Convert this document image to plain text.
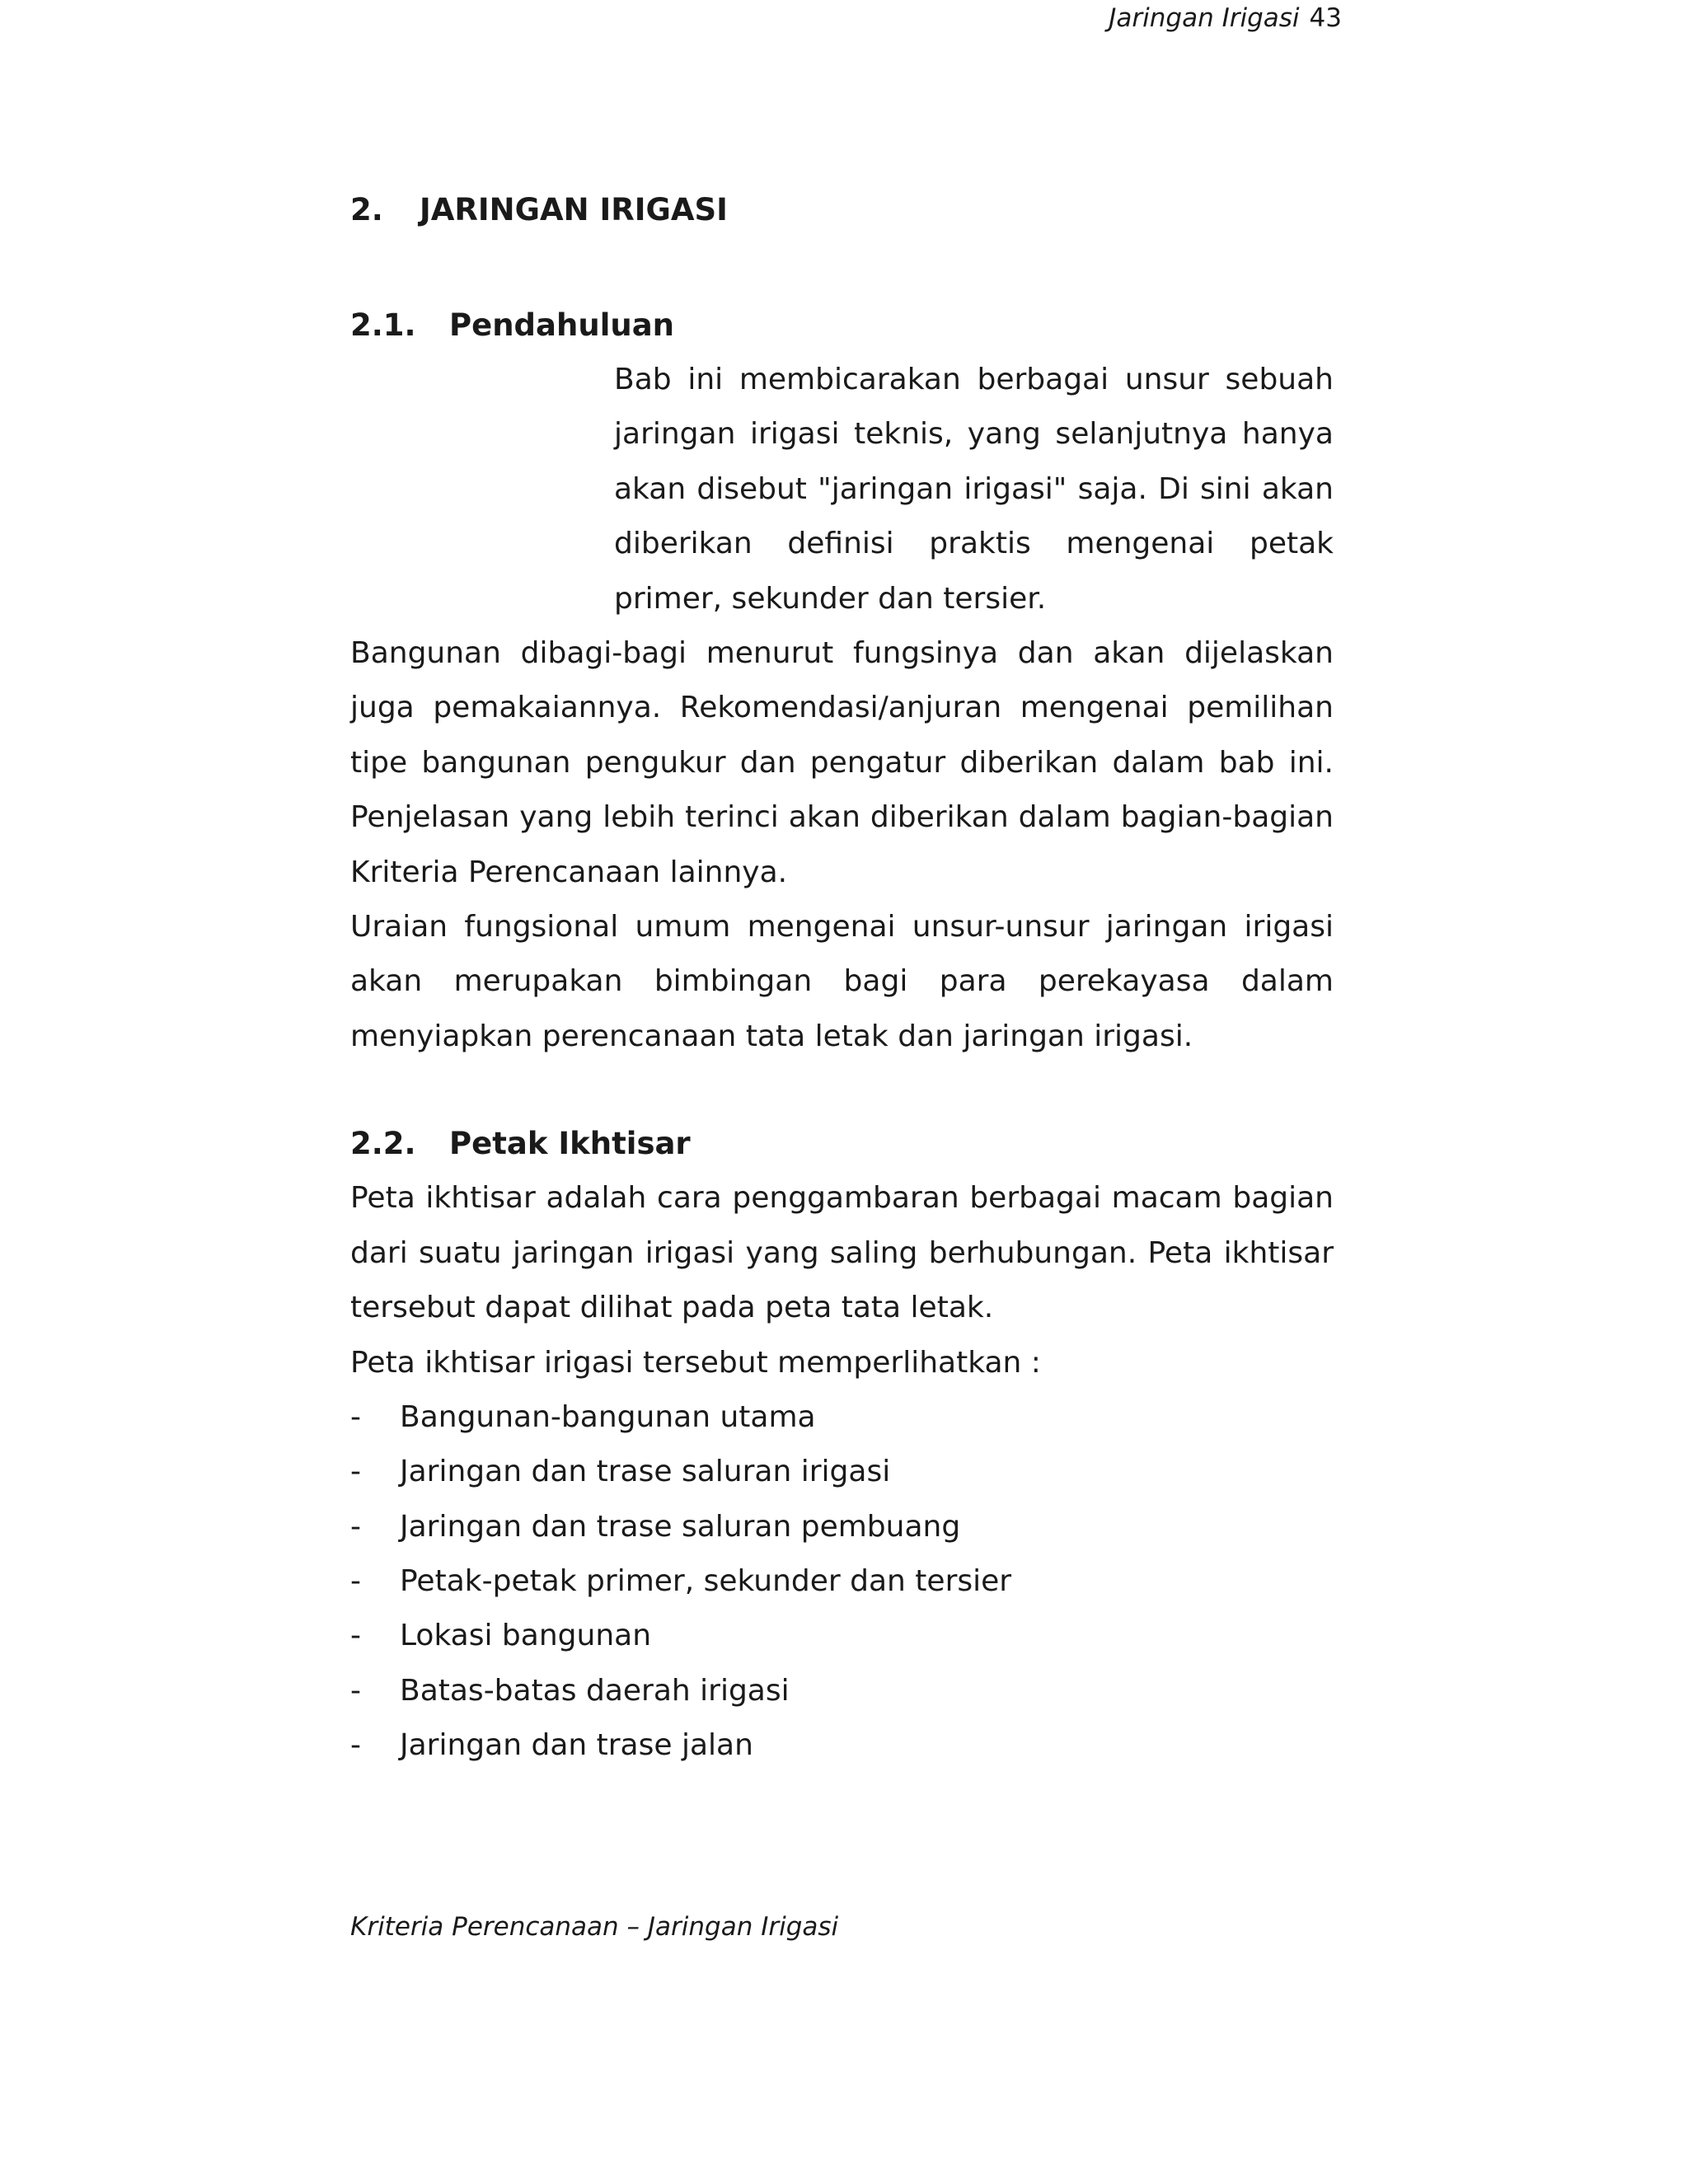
Jaringan Irigasi 43
2. JARINGAN IRIGASI
2.1. Pendahuluan

Bab ini membicarakan berbagai unsur sebuah jaringan irigasi teknis, yang selanjutnya hanya akan disebut "jaringan irigasi" saja. Di sini akan diberikan definisi praktis mengenai petak primer, sekunder dan tersier.

Bangunan dibagi-bagi menurut fungsinya dan akan dijelaskan juga pemakaiannya. Rekomendasi/anjuran mengenai pemilihan tipe bangunan pengukur dan pengatur diberikan dalam bab ini. Penjelasan yang lebih terinci akan diberikan dalam bagian-bagian Kriteria Perencanaan lainnya.

Uraian fungsional umum mengenai unsur-unsur jaringan irigasi akan merupakan bimbingan bagi para perekayasa dalam menyiapkan perencanaan tata letak dan jaringan irigasi.

2.2. Petak Ikhtisar

Peta ikhtisar adalah cara penggambaran berbagai macam bagian dari suatu jaringan irigasi yang saling berhubungan. Peta ikhtisar tersebut dapat dilihat pada peta tata letak.

Peta ikhtisar irigasi tersebut memperlihatkan :

- Bangunan-bangunan utama
- Jaringan dan trase saluran irigasi
- Jaringan dan trase saluran pembuang
- Petak-petak primer, sekunder dan tersier
- Lokasi bangunan
- Batas-batas daerah irigasi
- Jaringan dan trase jalan
Kriteria Perencanaan – Jaringan Irigasi
